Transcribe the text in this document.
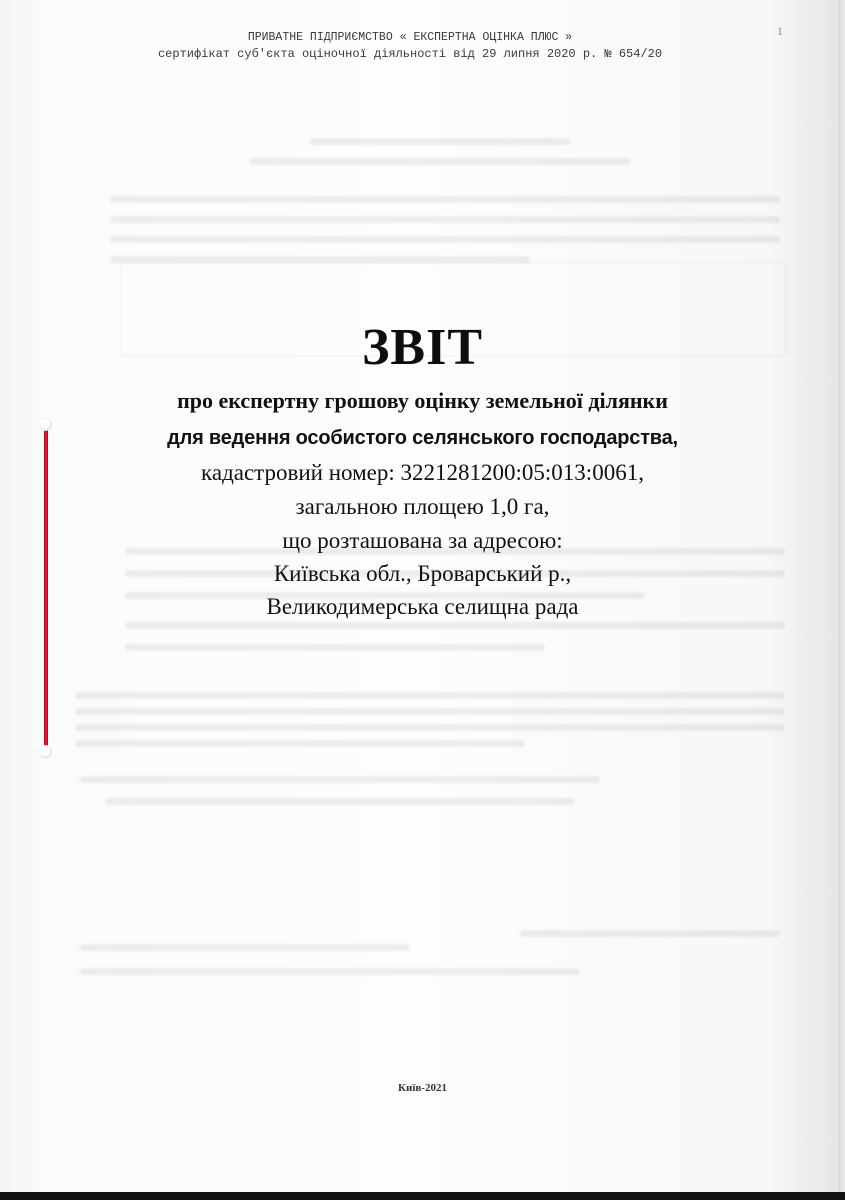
1
ПРИВАТНЕ ПІДПРИЄМСТВО « ЕКСПЕРТНА ОЦІНКА ПЛЮС »
сертифікат суб'єкта оціночної діяльності від 29 липня 2020 р. № 654/20
ЗВІТ
про експертну грошову оцінку земельної ділянки
для ведення особистого селянського господарства,
кадастровий номер: 3221281200:05:013:0061,
загальною площею 1,0 га,
що розташована за адресою:
Київська обл., Броварський р.,
Великодимерська селищна рада
Київ-2021
